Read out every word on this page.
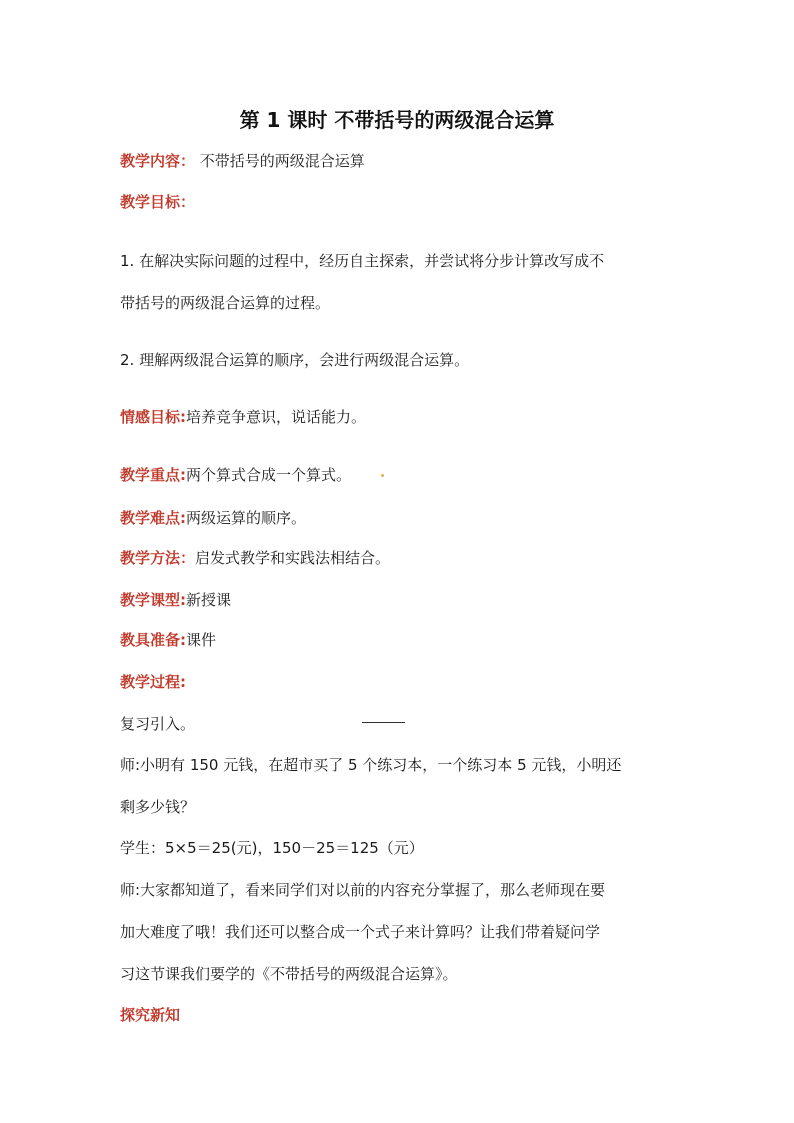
第 1 课时 不带括号的两级混合运算
教学内容： 不带括号的两级混合运算
教学目标：
1. 在解决实际问题的过程中，经历自主探索，并尝试将分步计算改写成不
带括号的两级混合运算的过程。
2. 理解两级混合运算的顺序，会进行两级混合运算。
情感目标:培养竞争意识，说话能力。
教学重点:两个算式合成一个算式。
教学难点:两级运算的顺序。
教学方法：启发式教学和实践法相结合。
教学课型:新授课
教具准备:课件
教学过程:
复习引入。
师:小明有 150 元钱，在超市买了 5 个练习本，一个练习本 5 元钱，小明还
剩多少钱？
学生：5×5＝25(元)，150－25＝125（元）
师:大家都知道了，看来同学们对以前的内容充分掌握了，那么老师现在要
加大难度了哦！我们还可以整合成一个式子来计算吗？让我们带着疑问学
习这节课我们要学的《不带括号的两级混合运算》。
探究新知
